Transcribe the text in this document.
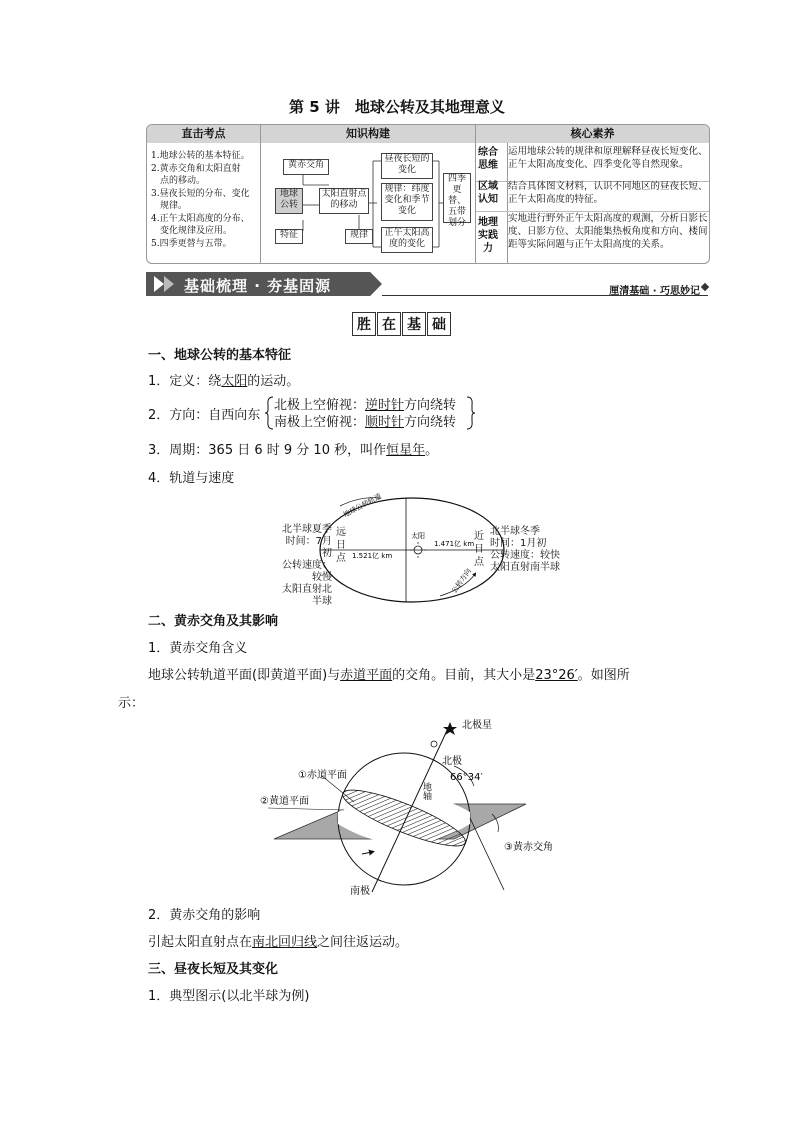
第 5 讲　地球公转及其地理意义
直击考点	知识构建	核心素养
1.地球公转的基本特征。
2.黄赤交角和太阳直射
　点的移动。
3.昼夜长短的分布、变化
　规律。
4.正午太阳高度的分布、
　变化规律及应用。
5.四季更替与五带。
黄赤交角
地球公转
太阳直射点的移动
特征	规律
昼夜长短的变化
规律：纬度变化和季节变化
正午太阳高度的变化
四季更替、五带划分
综合思维
运用地球公转的规律和原理解释昼夜长短变化、正午太阳高度变化、四季变化等自然现象。
区域认知
结合具体图文材料，认识不同地区的昼夜长短、正午太阳高度的特征。
地理实践力
实地进行野外正午太阳高度的观测，分析日影长度、日影方位、太阳能集热板角度和方向、楼间距等实际问题与正午太阳高度的关系。
基础梳理 · 夯基固源	厘清基础 · 巧思妙记
胜 在 基 础
一、地球公转的基本特征
1．定义：绕太阳的运动。
2．方向：自西向东
北极上空俯视：逆时针方向绕转
南极上空俯视：顺时针方向绕转
3．周期：365 日 6 时 9 分 10 秒，叫作恒星年。
4．轨道与速度
地球公转轨道
公转方向
太阳
1.521亿 km
1.471亿 km
北半球夏季
时间：7月初
公转速度：较慢
太阳直射北半球
远日点
近日点
北半球冬季
时间：1月初
公转速度：较快
太阳直射南半球
二、黄赤交角及其影响
1．黄赤交角含义
地球公转轨道平面(即黄道平面)与赤道平面的交角。目前，其大小是23°26′。如图所
示：
北极星
北极
66°34′
①赤道平面
②黄道平面
③黄赤交角
南极
地轴
2．黄赤交角的影响
引起太阳直射点在南北回归线之间往返运动。
三、昼夜长短及其变化
1．典型图示(以北半球为例)
